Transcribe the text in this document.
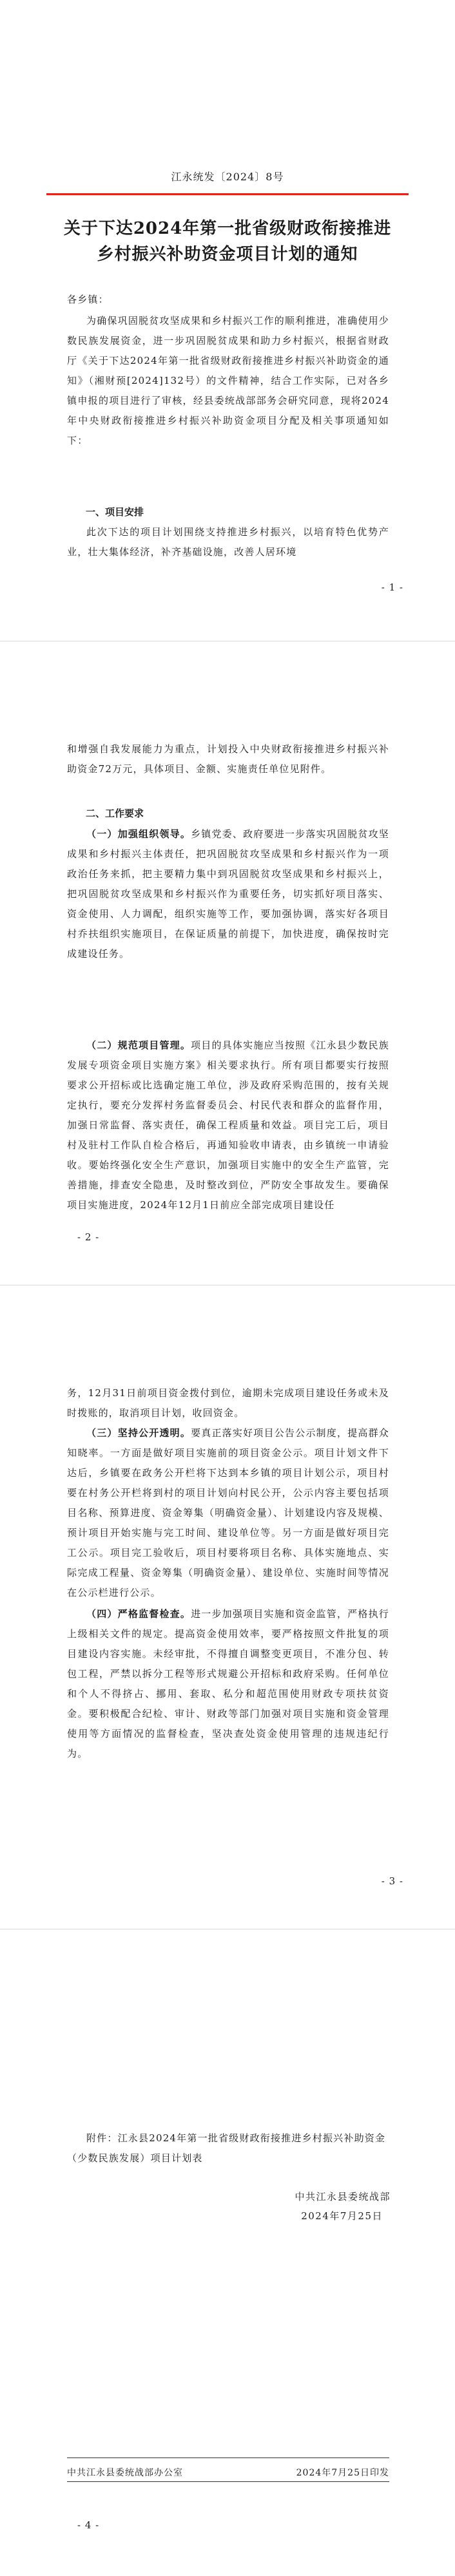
江永统发〔2024〕8号
关于下达2024年第一批省级财政衔接推进
乡村振兴补助资金项目计划的通知

各乡镇：

为确保巩固脱贫攻坚成果和乡村振兴工作的顺利推进，准确使用少数民族发展资金，进一步巩固脱贫成果和助力乡村振兴，根据省财政厅《关于下达2024年第一批省级财政衔接推进乡村振兴补助资金的通知》（湘财预[2024]132号）的文件精神，结合工作实际，已对各乡镇申报的项目进行了审核，经县委统战部部务会研究同意，现将2024年中央财政衔接推进乡村振兴补助资金项目分配及相关事项通知如下：

一、项目安排

此次下达的项目计划围绕支持推进乡村振兴，以培育特色优势产业，壮大集体经济，补齐基础设施，改善人居环境

- 1 -

和增强自我发展能力为重点，计划投入中央财政衔接推进乡村振兴补助资金72万元，具体项目、金额、实施责任单位见附件。

二、工作要求

（一）加强组织领导。乡镇党委、政府要进一步落实巩固脱贫攻坚成果和乡村振兴主体责任，把巩固脱贫攻坚成果和乡村振兴作为一项政治任务来抓，把主要精力集中到巩固脱贫攻坚成果和乡村振兴上，把巩固脱贫攻坚成果和乡村振兴作为重要任务，切实抓好项目落实、资金使用、人力调配，组织实施等工作，要加强协调，落实好各项目村乔扶组织实施项目，在保证质量的前提下，加快进度，确保按时完成建设任务。

（二）规范项目管理。项目的具体实施应当按照《江永县少数民族发展专项资金项目实施方案》相关要求执行。所有项目都要实行按照要求公开招标或比选确定施工单位，涉及政府采购范围的，按有关规定执行，要充分发挥村务监督委员会、村民代表和群众的监督作用，加强日常监督、落实责任，确保工程质量和效益。项目完工后，项目村及驻村工作队自检合格后，再通知验收申请表，由乡镇统一申请验收。要始终强化安全生产意识，加强项目实施中的安全生产监管，完善措施，排查安全隐患，及时整改到位，严防安全事故发生。要确保项目实施进度，2024年12月1日前应全部完成项目建设任

- 2 -

务，12月31日前项目资金拨付到位，逾期未完成项目建设任务或未及时拨账的，取消项目计划，收回资金。

（三）坚持公开透明。要真正落实好项目公告公示制度，提高群众知晓率。一方面是做好项目实施前的项目资金公示。项目计划文件下达后，乡镇要在政务公开栏将下达到本乡镇的项目计划公示，项目村要在村务公开栏将到村的项目计划向村民公开，公示内容主要包括项目名称、预算进度、资金筹集（明确资金量）、计划建设内容及规模、预计项目开始实施与完工时间、建设单位等。另一方面是做好项目完工公示。项目完工验收后，项目村要将项目名称、具体实施地点、实际完成工程量、资金筹集（明确资金量）、建设单位、实施时间等情况在公示栏进行公示。

（四）严格监督检查。进一步加强项目实施和资金监管，严格执行上级相关文件的规定。提高资金使用效率，要严格按照文件批复的项目建设内容实施。未经审批，不得擅自调整变更项目，不准分包、转包工程，严禁以拆分工程等形式规避公开招标和政府采购。任何单位和个人不得挤占、挪用、套取、私分和超范围使用财政专项扶贫资金。要积极配合纪检、审计、财政等部门加强对项目实施和资金管理使用等方面情况的监督检查，坚决查处资金使用管理的违规违纪行为。

- 3 -
附件：江永县2024年第一批省级财政衔接推进乡村振兴补助资金（少数民族发展）项目计划表
中共江永县委统战部
2024年7月25日
- 4 -
中共江永县委统战部办公室	2024年7月25日印发
